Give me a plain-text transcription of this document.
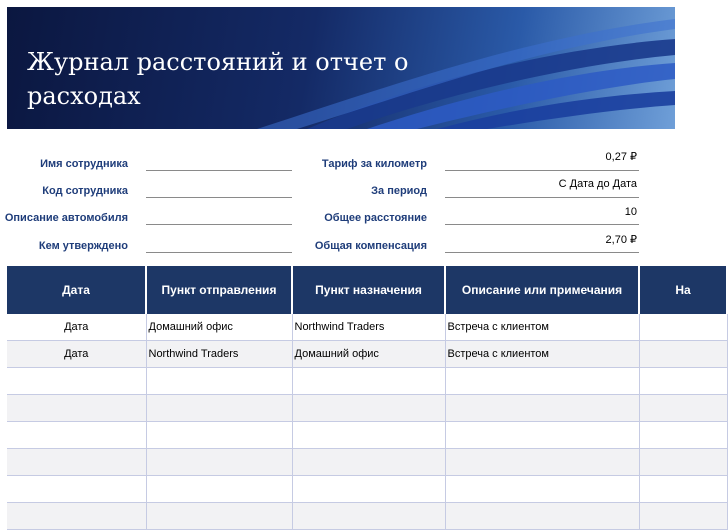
Журнал расстояний и отчет о расходах
Имя сотрудника
Код сотрудника
Описание автомобиля
Кем утверждено
Тариф за километр
0,27 ₽
За период
С Дата до Дата
Общее расстояние	10
Общая компенсация	2,70 ₽
Дата	Пункт отправления	Пункт назначения	Описание или примечания	На
Дата	Домашний офис	Northwind Traders	Встреча с клиентом	
Дата	Northwind Traders	Домашний офис	Встреча с клиентом	
